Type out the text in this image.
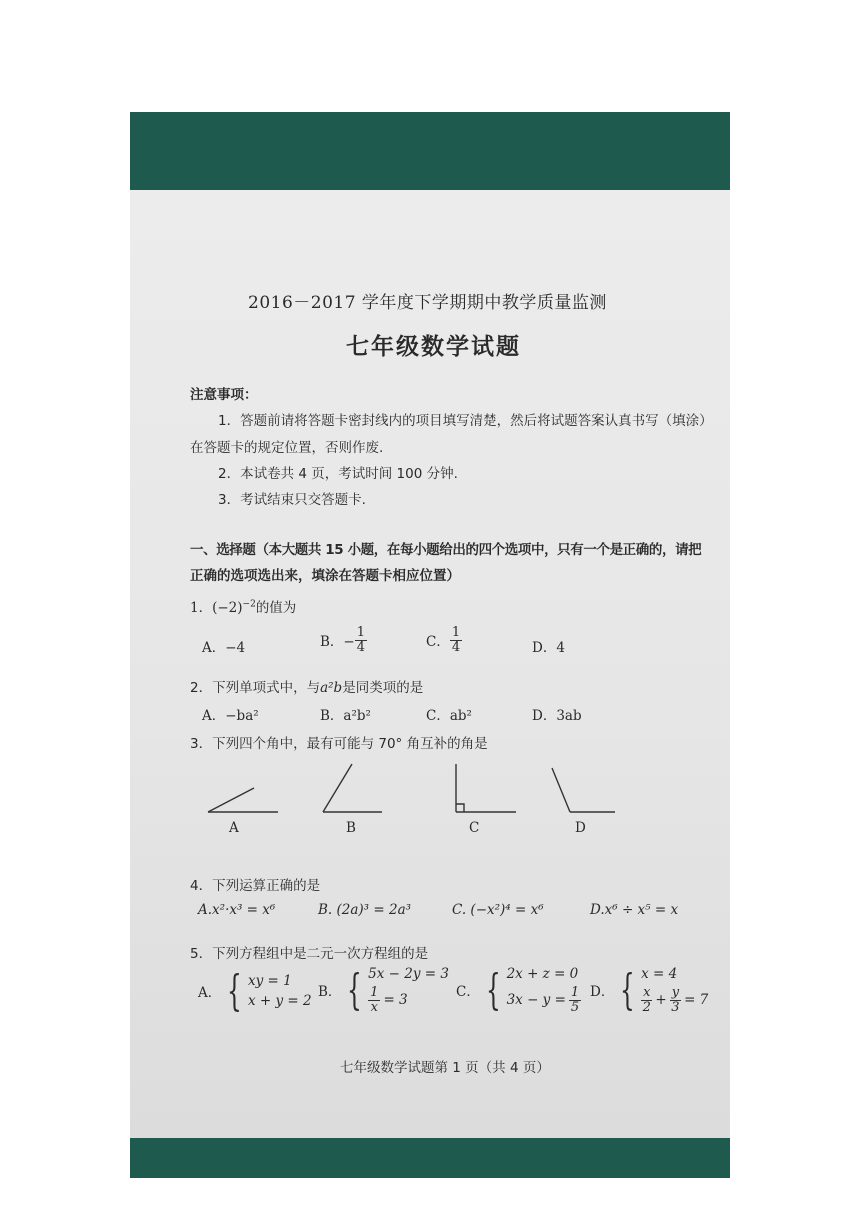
2016－2017 学年度下学期期中教学质量监测
七年级数学试题
注意事项：
1．答题前请将答题卡密封线内的项目填写清楚，然后将试题答案认真书写（填涂）
在答题卡的规定位置，否则作废.
2．本试卷共 4 页，考试时间 100 分钟.
3．考试结束只交答题卡.
一、选择题（本大题共 15 小题，在每小题给出的四个选项中，只有一个是正确的，请把
正确的选项选出来，填涂在答题卡相应位置）
1．$(-2)^{-2}$的值为
A．−4	B．− $\frac{1}{4}$	C． $\frac{1}{4}$	D．4
2．下列单项式中，与a²b是同类项的是
A．−ba²	B．a²b²	C．ab²	D．3ab
3．下列四个角中，最有可能与 70° 角互补的角是
A	B	C	D
4．下列运算正确的是
A.x²·x³ = x⁶	B. (2a)³ = 2a³	C. (−x²)⁴ = x⁶	D.x⁶ ÷ x⁵ = x
5．下列方程组中是二元一次方程组的是
A． { xy = 1
x + y = 2
B． { 5x − 2y = 3
$\frac{1}{x} = 3$	C． { 2x + z = 0
$3x - y = \frac{1}{5}$ D． { x = 4
$\frac{x}{2} + \frac{y}{3} = 7$
七年级数学试题第 1 页（共 4 页）
